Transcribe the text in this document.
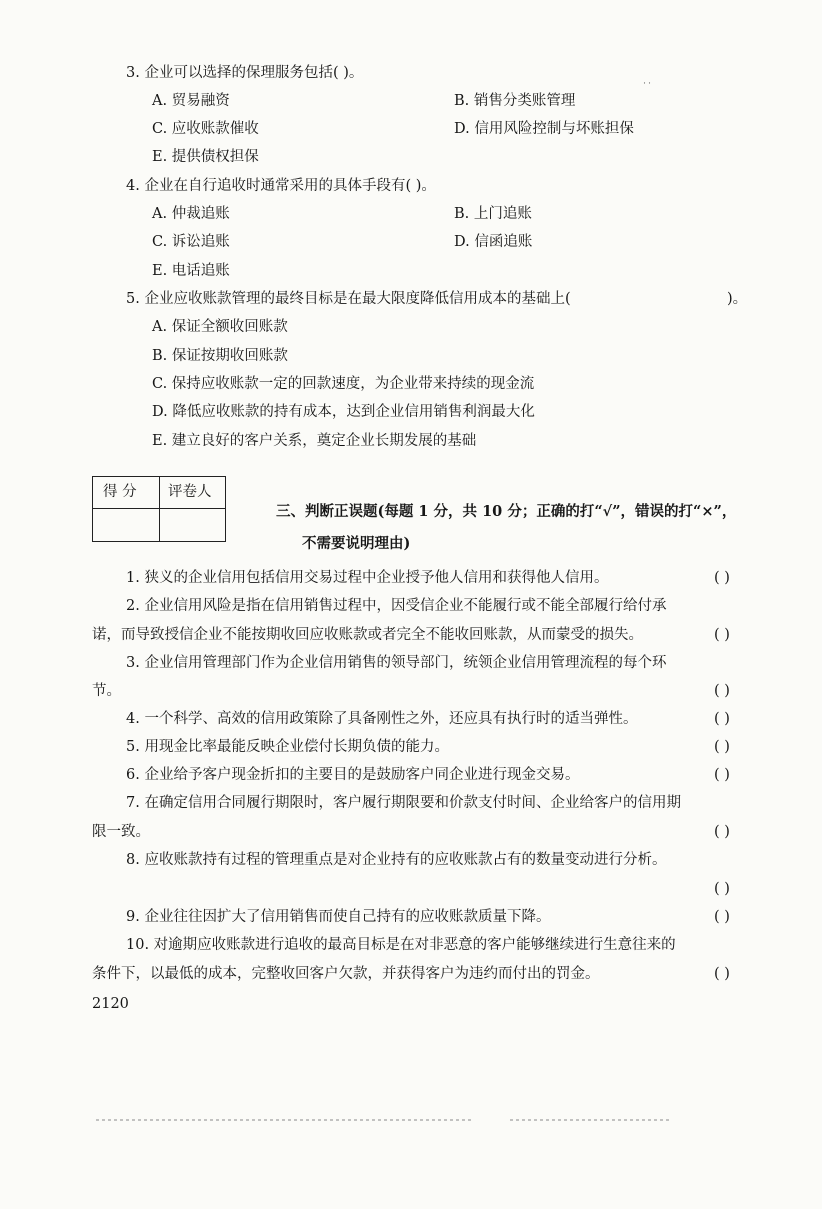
3. 企业可以选择的保理服务包括( )。
˙˙
A. 贸易融资	B. 销售分类账管理
C. 应收账款催收	D. 信用风险控制与坏账担保
E. 提供债权担保
4. 企业在自行追收时通常采用的具体手段有( )。
A. 仲裁追账	B. 上门追账
C. 诉讼追账	D. 信函追账
E. 电话追账
5. 企业应收账款管理的最终目标是在最大限度降低信用成本的基础上(	)。
A. 保证全额收回账款
B. 保证按期收回账款
C. 保持应收账款一定的回款速度，为企业带来持续的现金流
D. 降低应收账款的持有成本，达到企业信用销售利润最大化
E. 建立良好的客户关系，奠定企业长期发展的基础
得 分 评卷人
三、判断正误题(每题 1 分，共 10 分；正确的打“√”，错误的打“×”，
不需要说明理由)
1. 狭义的企业信用包括信用交易过程中企业授予他人信用和获得他人信用。	( )
2. 企业信用风险是指在信用销售过程中，因受信企业不能履行或不能全部履行给付承
诺，而导致授信企业不能按期收回应收账款或者完全不能收回账款，从而蒙受的损失。	( )
3. 企业信用管理部门作为企业信用销售的领导部门，统领企业信用管理流程的每个环
节。	( )
4. 一个科学、高效的信用政策除了具备刚性之外，还应具有执行时的适当弹性。	( )
5. 用现金比率最能反映企业偿付长期负债的能力。	( )
6. 企业给予客户现金折扣的主要目的是鼓励客户同企业进行现金交易。	( )
7. 在确定信用合同履行期限时，客户履行期限要和价款支付时间、企业给客户的信用期
限一致。	( )
8. 应收账款持有过程的管理重点是对企业持有的应收账款占有的数量变动进行分析。
( )
9. 企业往往因扩大了信用销售而使自己持有的应收账款质量下降。	( )
10. 对逾期应收账款进行追收的最高目标是在对非恶意的客户能够继续进行生意往来的
条件下，以最低的成本，完整收回客户欠款，并获得客户为违约而付出的罚金。	( )
2120
